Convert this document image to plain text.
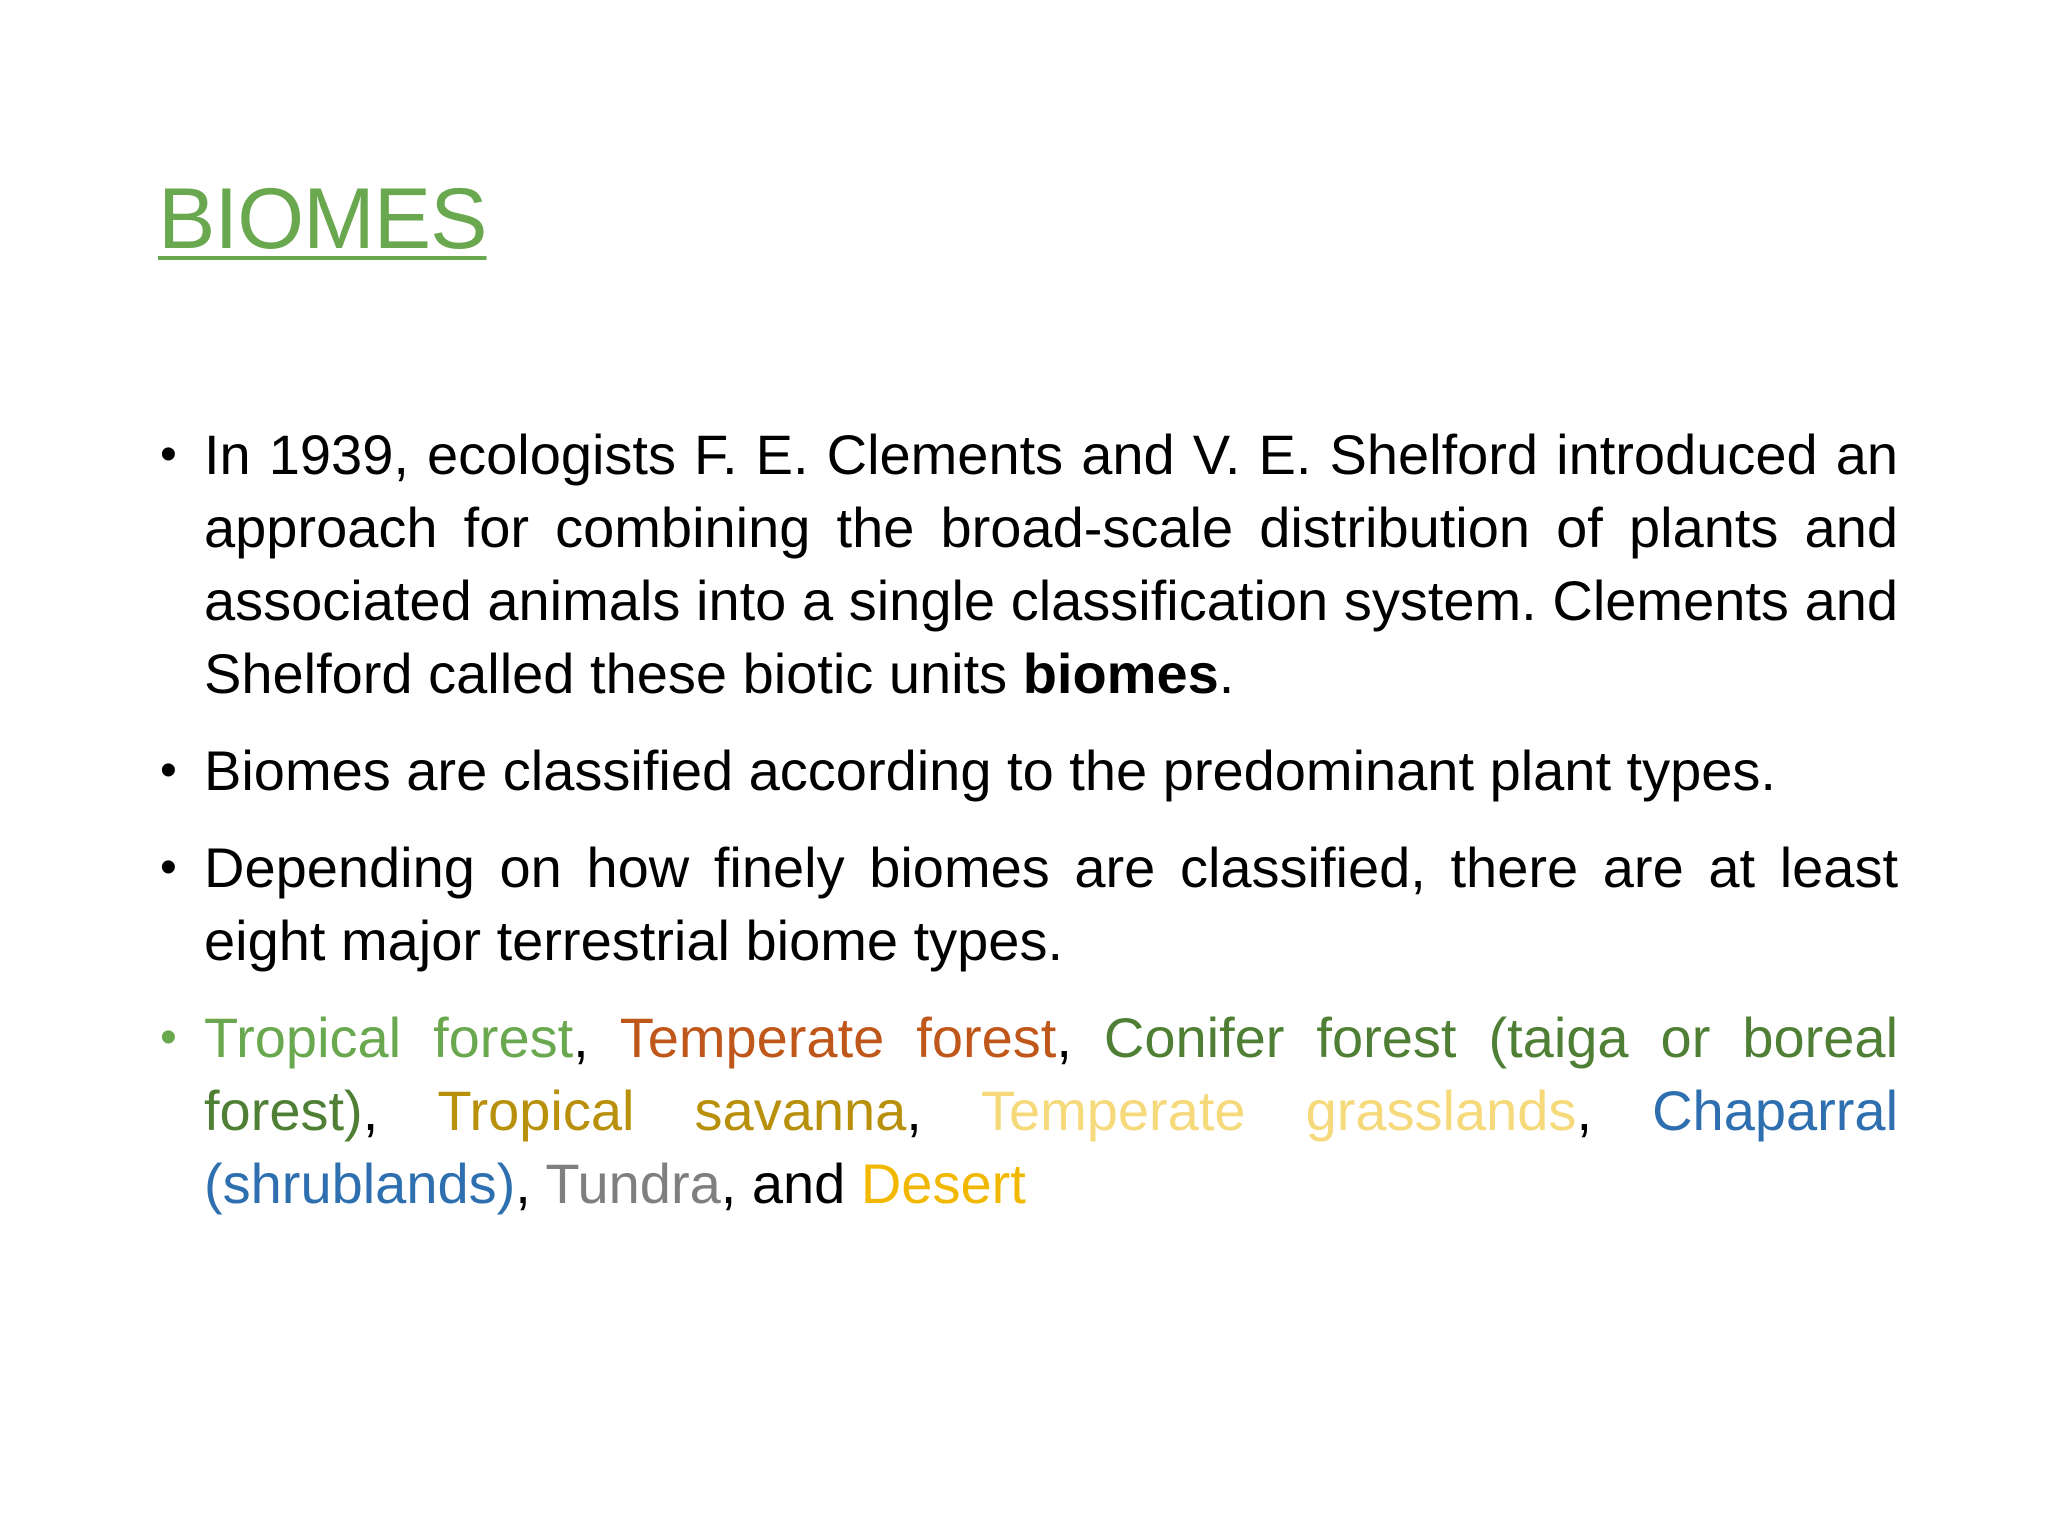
BIOMES
• In 1939, ecologists F. E. Clements and V. E. Shelford introduced an approach for combining the broad-scale distribution of plants and associated animals into a single classification system. Clements and Shelford called these biotic units biomes.
• Biomes are classified according to the predominant plant types.
• Depending on how finely biomes are classified, there are at least eight major terrestrial biome types.
• Tropical forest, Temperate forest, Conifer forest (taiga or boreal forest), Tropical savanna, Temperate grasslands, Chaparral (shrublands), Tundra, and Desert
